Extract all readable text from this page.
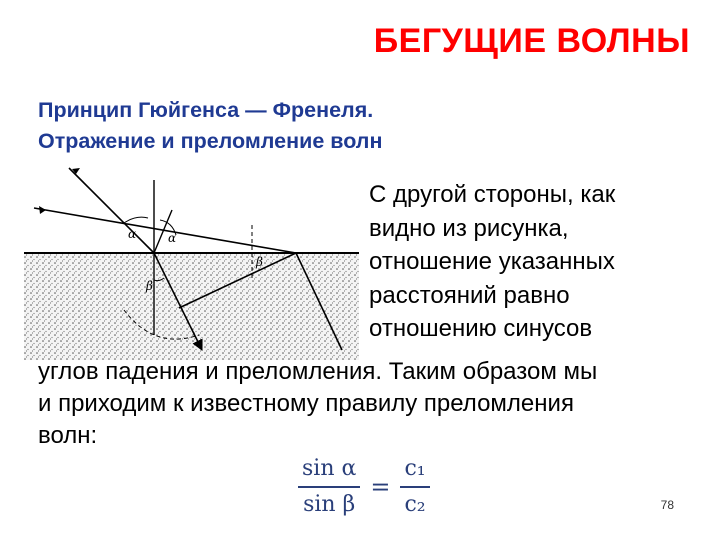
БЕГУЩИЕ ВОЛНЫ
Принцип Гюйгенса — Френеля.
Отражение и преломление волн
α	α
β
β
С другой стороны, как
видно из рисунка,
отношение указанных
расстояний равно
отношению синусов
углов падения и преломления. Таким образом мы
и приходим к известному правилу преломления
волн:
$\frac{\text{sin α}}{\text{sin β}} = \frac{\text{c₁}}{\text{c₂}}$	78
